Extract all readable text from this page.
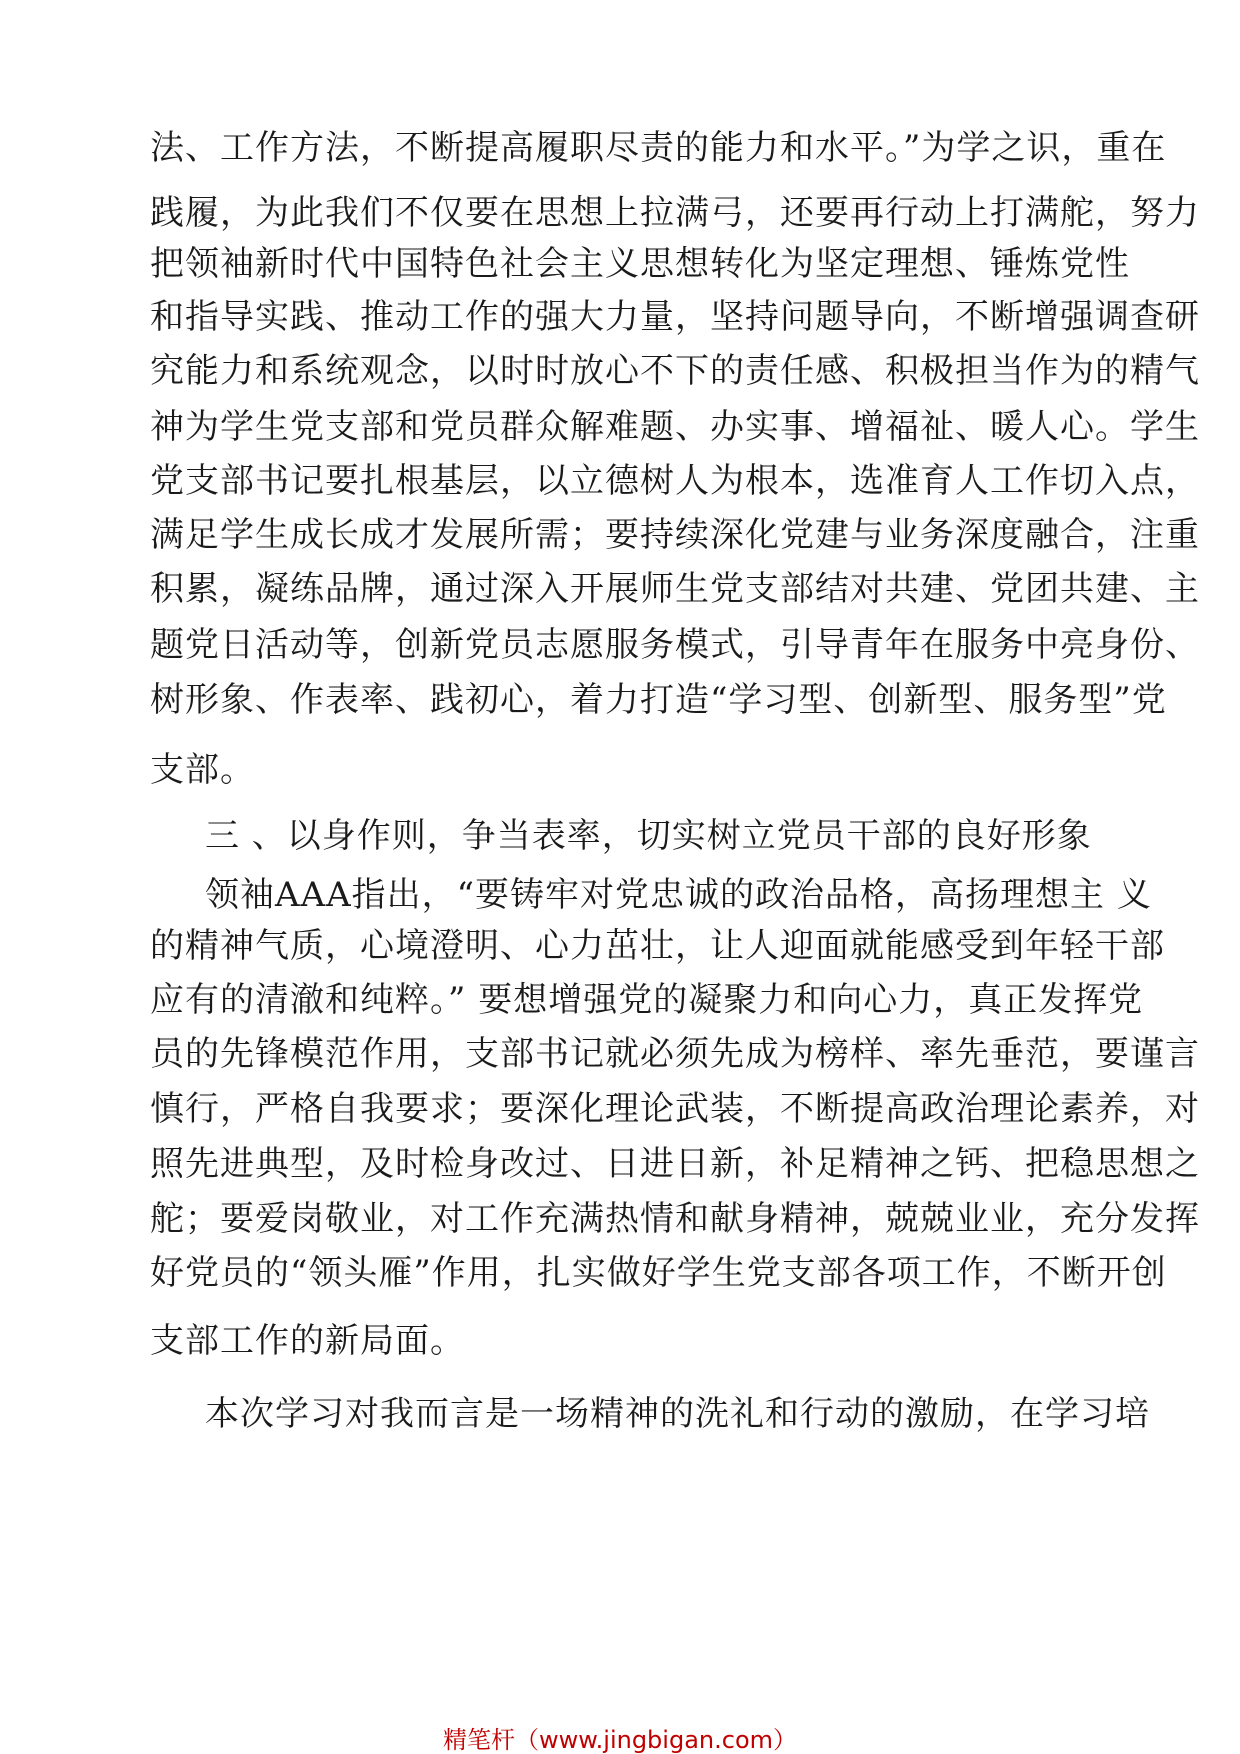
法、工作方法，不断提高履职尽责的能力和水平。”为学之识，重在
践履，为此我们不仅要在思想上拉满弓，还要再行动上打满舵，努力
把领袖新时代中国特色社会主义思想转化为坚定理想、锤炼党性
和指导实践、推动工作的强大力量，坚持问题导向，不断增强调查研
究能力和系统观念，以时时放心不下的责任感、积极担当作为的精气
神为学生党支部和党员群众解难题、办实事、增福祉、暖人心。学生
党支部书记要扎根基层，以立德树人为根本，选准育人工作切入点，
满足学生成长成才发展所需；要持续深化党建与业务深度融合，注重
积累，凝练品牌，通过深入开展师生党支部结对共建、党团共建、主
题党日活动等，创新党员志愿服务模式，引导青年在服务中亮身份、
树形象、作表率、践初心，着力打造“学习型、创新型、服务型”党
支部。
三 、以身作则，争当表率，切实树立党员干部的良好形象
领袖AAA指出，“要铸牢对党忠诚的政治品格，高扬理想主 义
的精神气质，心境澄明、心力茁壮，让人迎面就能感受到年轻干部
应有的清澈和纯粹。” 要想增强党的凝聚力和向心力，真正发挥党
员的先锋模范作用，支部书记就必须先成为榜样、率先垂范，要谨言
慎行，严格自我要求；要深化理论武装，不断提高政治理论素养，对
照先进典型，及时检身改过、日进日新，补足精神之钙、把稳思想之
舵；要爱岗敬业，对工作充满热情和献身精神，兢兢业业，充分发挥
好党员的“领头雁”作用，扎实做好学生党支部各项工作，不断开创
支部工作的新局面。
本次学习对我而言是一场精神的洗礼和行动的激励，在学习培
精笔杆（www.jingbigan.com）
